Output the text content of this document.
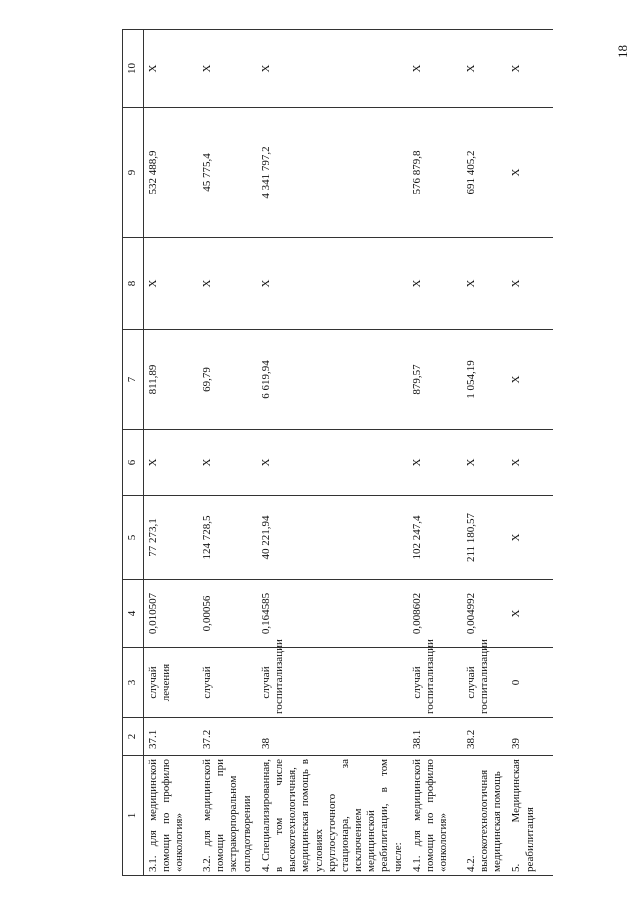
18
1	2	3	4	5	6	7	8	9	10
3.1. для медицинской помощи по профилю «онкология»	37.1	случай лечения	0,010507	77 273,1	X	811,89	X	532 488,9	X
3.2. для медицинской помощи при экстракорпоральном оплодотворении	37.2	случай	0,00056	124 728,5	X	69,79	X	45 775,4	X
4. Специализированная, в том числе высокотехнологичная, медицинская помощь в условиях круглосуточного стационара, за исключением медицинской реабилитации, в том числе:	38	случай госпитализации	0,164585	40 221,94	X	6 619,94	X	4 341 797,2	X
4.1. для медицинской помощи по профилю «онкология»	38.1	случай госпитализации	0,008602	102 247,4	X	879,57	X	576 879,8	X
4.2. высокотехнологичная медицинская помощь	38.2	случай госпитализации	0,004992	211 180,57	X	1 054,19	X	691 405,2	X
5. Медицинская реабилитация	39	0	X	X	X	X	X	X	X
